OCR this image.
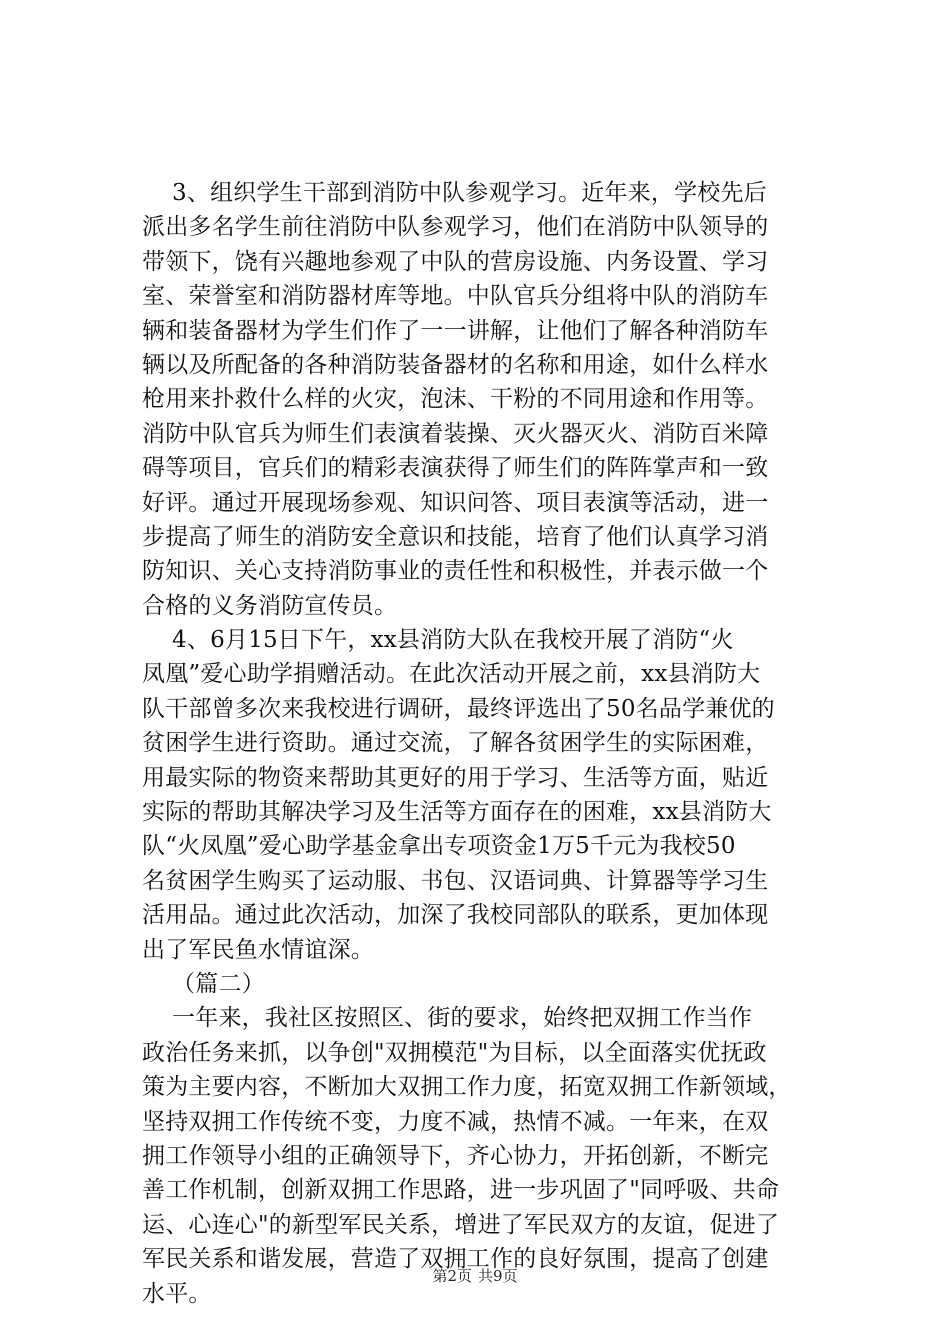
3、组织学生干部到消防中队参观学习。近年来，学校先后
派出多名学生前往消防中队参观学习，他们在消防中队领导的
带领下，饶有兴趣地参观了中队的营房设施、内务设置、学习
室、荣誉室和消防器材库等地。中队官兵分组将中队的消防车
辆和装备器材为学生们作了一一讲解，让他们了解各种消防车
辆以及所配备的各种消防装备器材的名称和用途，如什么样水
枪用来扑救什么样的火灾，泡沫、干粉的不同用途和作用等。
消防中队官兵为师生们表演着装操、灭火器灭火、消防百米障
碍等项目，官兵们的精彩表演获得了师生们的阵阵掌声和一致
好评。通过开展现场参观、知识问答、项目表演等活动，进一
步提高了师生的消防安全意识和技能，培育了他们认真学习消
防知识、关心支持消防事业的责任性和积极性，并表示做一个
合格的义务消防宣传员。
4、6月15日下午，xx县消防大队在我校开展了消防“火
凤凰”爱心助学捐赠活动。在此次活动开展之前，xx县消防大
队干部曾多次来我校进行调研，最终评选出了50名品学兼优的
贫困学生进行资助。通过交流，了解各贫困学生的实际困难，
用最实际的物资来帮助其更好的用于学习、生活等方面，贴近
实际的帮助其解决学习及生活等方面存在的困难，xx县消防大
队“火凤凰”爱心助学基金拿出专项资金1万5千元为我校50
名贫困学生购买了运动服、书包、汉语词典、计算器等学习生
活用品。通过此次活动，加深了我校同部队的联系，更加体现
出了军民鱼水情谊深。
（篇二）
一年来，我社区按照区、街的要求，始终把双拥工作当作
政治任务来抓，以争创"双拥模范"为目标，以全面落实优抚政
策为主要内容，不断加大双拥工作力度，拓宽双拥工作新领域，
坚持双拥工作传统不变，力度不减，热情不减。一年来，在双
拥工作领导小组的正确领导下，齐心协力，开拓创新，不断完
善工作机制，创新双拥工作思路，进一步巩固了"同呼吸、共命
运、心连心"的新型军民关系，增进了军民双方的友谊，促进了
军民关系和谐发展，营造了双拥工作的良好氛围，提高了创建
水平。
第2页 共9页
